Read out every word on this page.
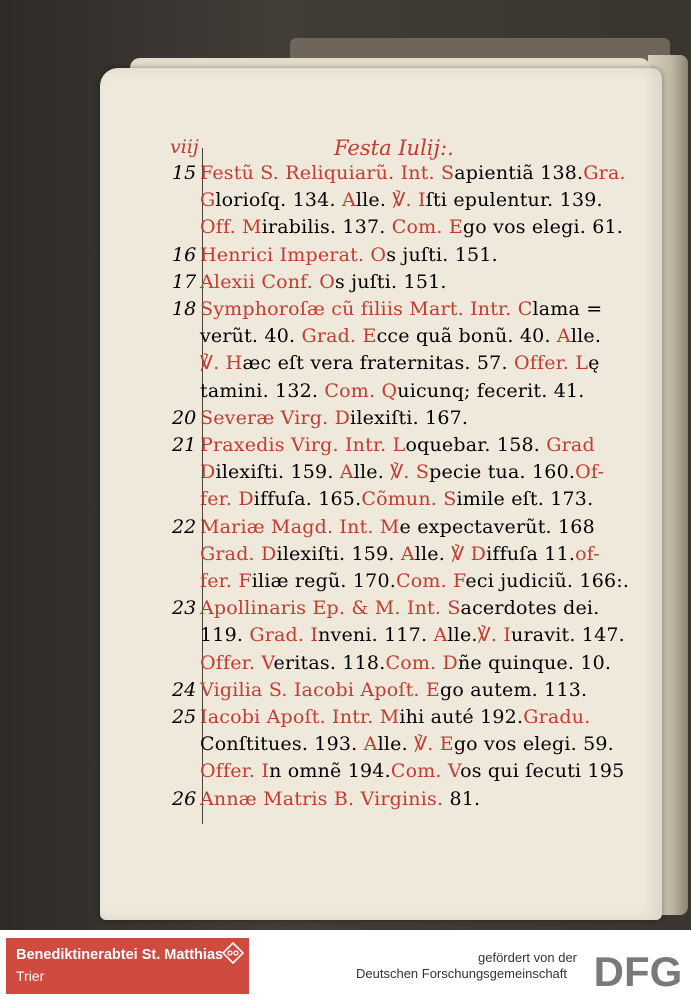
viij	Festa Iulij:.
15 Festũ S. Reliquiarũ. Int. Sapientiã 138.Gra.
Glorioſq. 134. Alle. ℣. Iſti epulentur. 139.
Off. Mirabilis. 137. Com. Ego vos elegi. 61.
16 Henrici Imperat. Os juſti. 151.
17 Alexii Conf. Os juſti. 151.
18 Symphoroſæ cũ filiis Mart. Intr. Clama =
verũt. 40. Grad. Ecce quã bonũ. 40. Alle.
℣. Hæc eſt vera fraternitas. 57. Offer. Lę
tamini. 132. Com. Quicunq; fecerit. 41.
20 Severæ Virg. Dilexiſti. 167.
21 Praxedis Virg. Intr. Loquebar. 158. Grad
Dilexiſti. 159. Alle. ℣. Specie tua. 160.Of-
fer. Diffuſa. 165.Cõmun. Simile eſt. 173.
22 Mariæ Magd. Int. Me expectaverũt. 168
Grad. Dilexiſti. 159. Alle. ℣ Diffuſa 11.of-
fer. Filiæ regũ. 170.Com. Feci judiciũ. 166:.
23 Apollinaris Ep. & M. Int. Sacerdotes dei.
119. Grad. Inveni. 117. Alle.℣. Iuravit. 147.
Offer. Veritas. 118.Com. Dñe quinque. 10.
24 Vigilia S. Iacobi Apoſt. Ego autem. 113.
25 Iacobi Apoſt. Intr. Mihi auté 192.Gradu.
Conſtitues. 193. Alle. ℣. Ego vos elegi. 59.
Offer. In omnẽ 194.Com. Vos qui ſecuti 195
26 Annæ Matris B. Virginis. 81.
Benediktinerabtei St. Matthias
Trier
gefördert von der
Deutschen Forschungsgemeinschaft DFG
